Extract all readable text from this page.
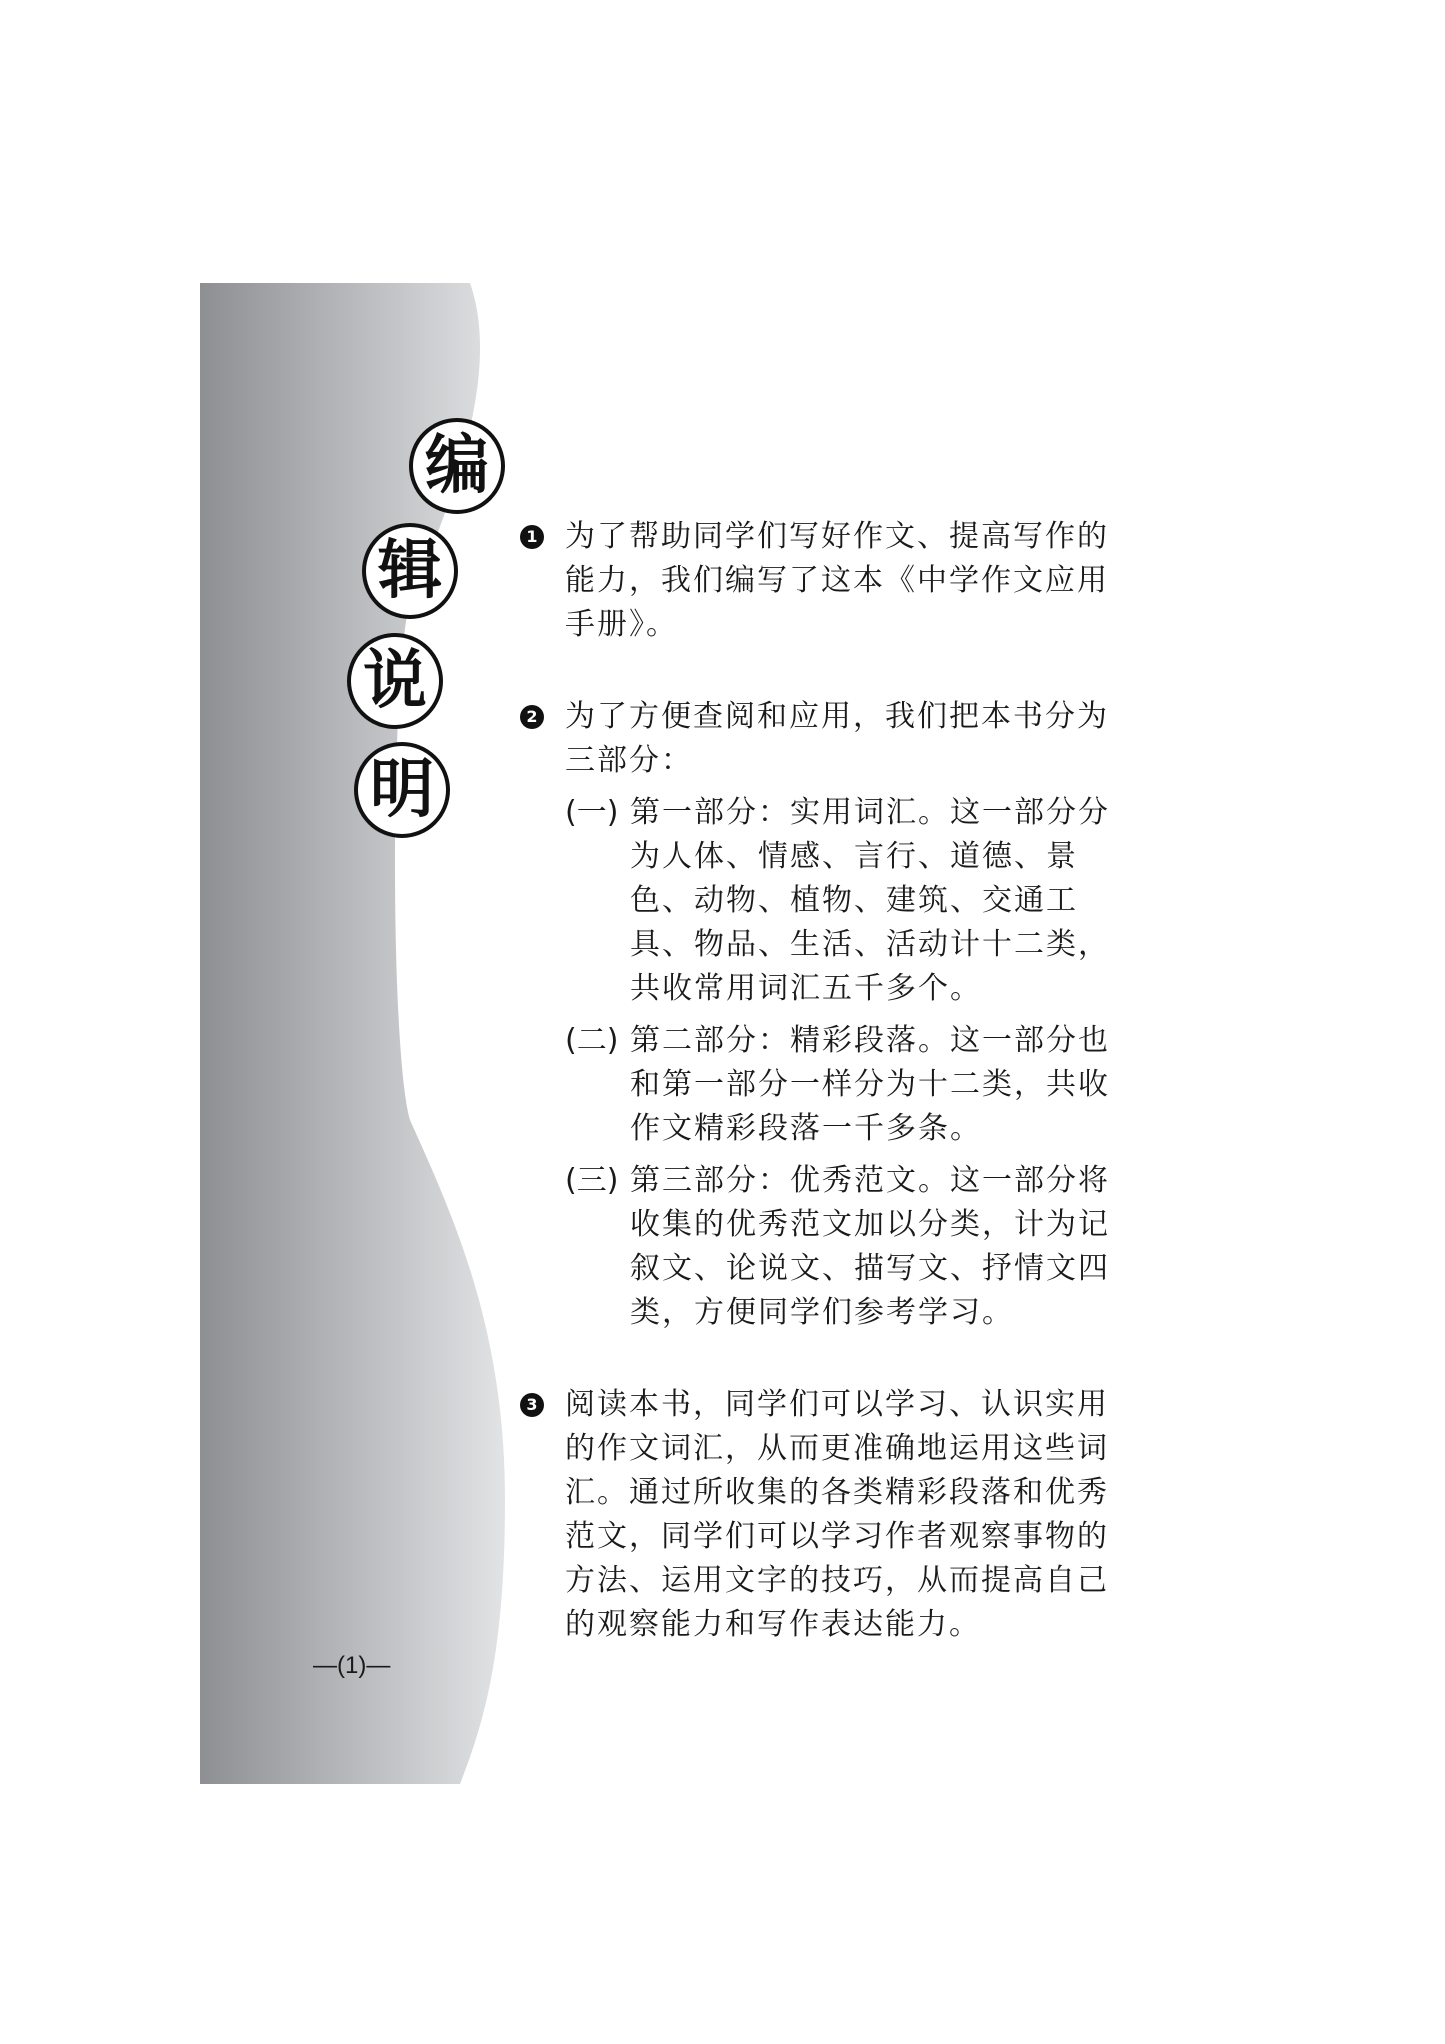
编
辑
说
明
1 为了帮助同学们写好作文、提高写作的能力，我们编写了这本《中学作文应用手册》。
2 为了方便查阅和应用，我们把本书分为三部分：
(一) 第一部分：实用词汇。这一部分分为人体、情感、言行、道德、景色、动物、植物、建筑、交通工具、物品、生活、活动计十二类，共收常用词汇五千多个。
(二) 第二部分：精彩段落。这一部分也和第一部分一样分为十二类，共收作文精彩段落一千多条。
(三) 第三部分：优秀范文。这一部分将收集的优秀范文加以分类，计为记叙文、论说文、描写文、抒情文四类，方便同学们参考学习。
3 阅读本书，同学们可以学习、认识实用的作文词汇，从而更准确地运用这些词汇。通过所收集的各类精彩段落和优秀范文，同学们可以学习作者观察事物的方法、运用文字的技巧，从而提高自己的观察能力和写作表达能力。
—(1)—
